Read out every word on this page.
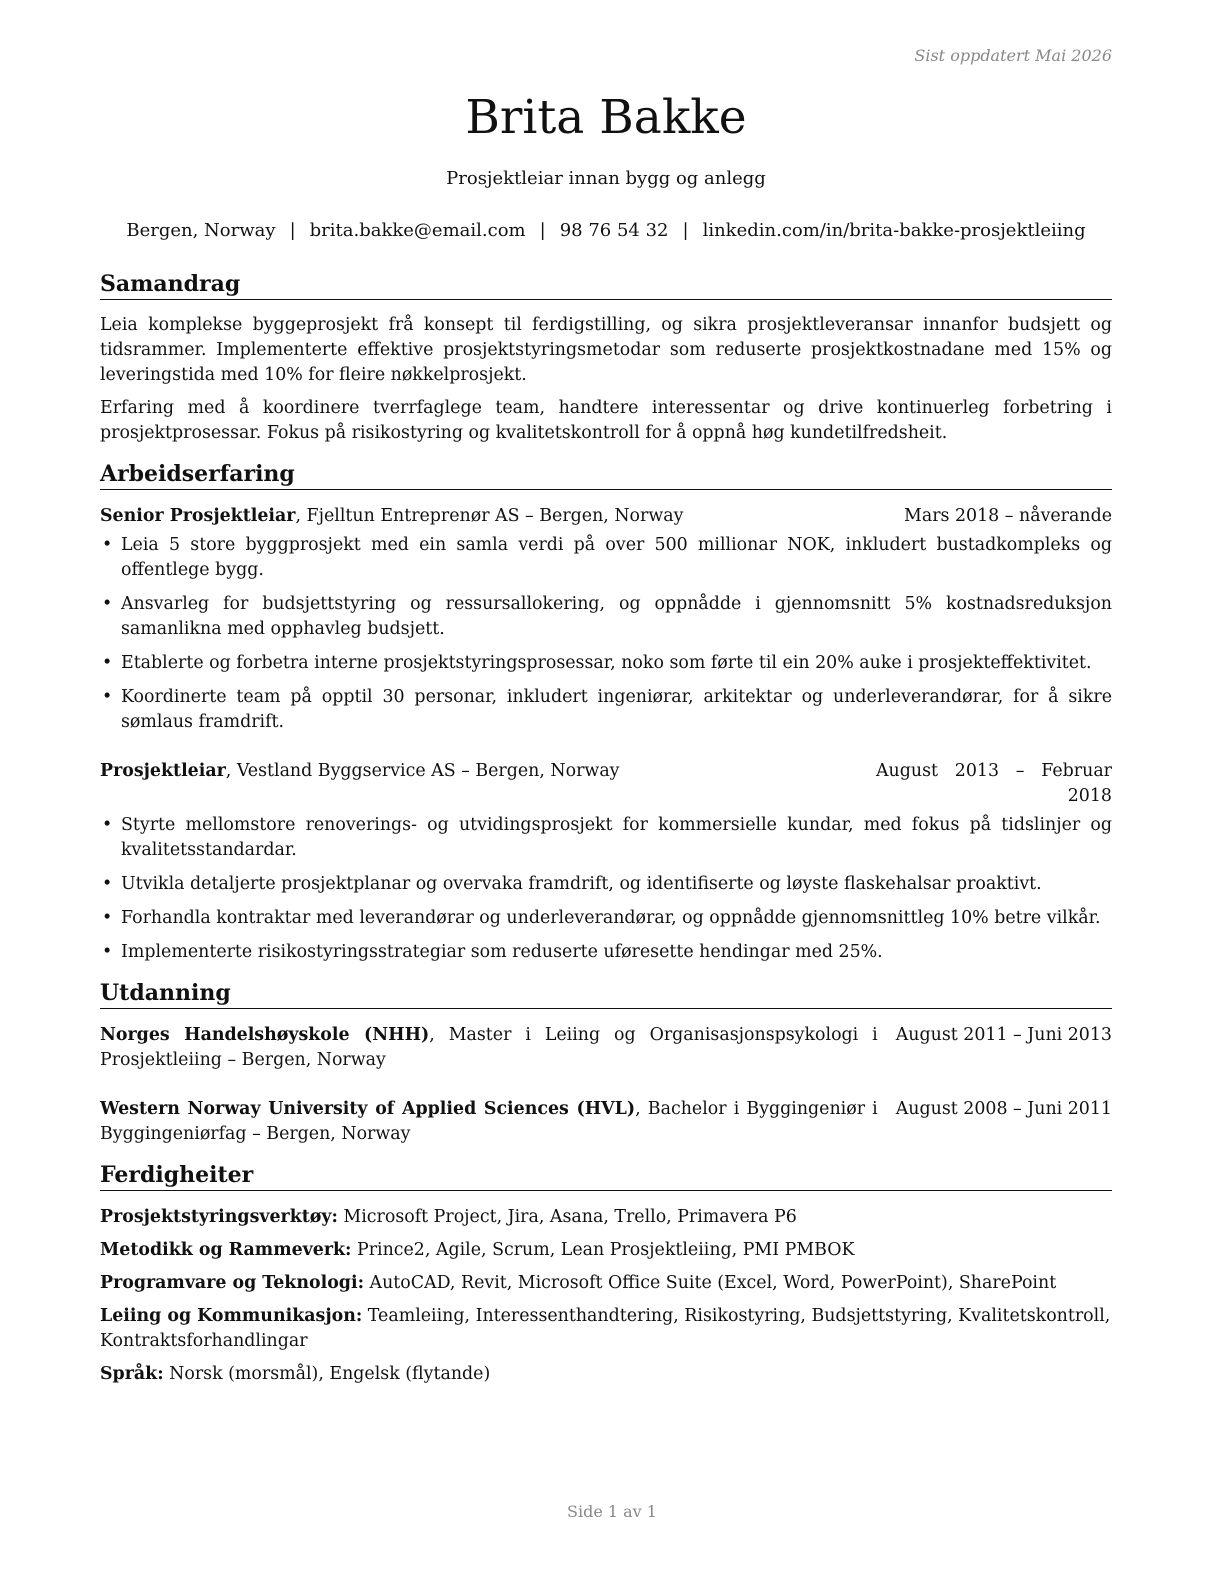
Sist oppdatert Mai 2026
Brita Bakke
Prosjektleiar innan bygg og anlegg
Bergen, Norway | brita.bakke@email.com | 98 76 54 32 | linkedin.com/in/brita-bakke-prosjektleiing
Samandrag

Leia komplekse byggeprosjekt frå konsept til ferdigstilling, og sikra prosjektleveransar innanfor budsjett og tidsrammer. Implementerte effektive prosjektstyringsmetodar som reduserte prosjektkostnadane med 15% og leveringstida med 10% for fleire nøkkelprosjekt.

Erfaring med å koordinere tverrfaglege team, handtere interessentar og drive kontinuerleg forbetring i prosjektprosessar. Fokus på risikostyring og kvalitetskontroll for å oppnå høg kundetilfredsheit.

Arbeidserfaring
Senior Prosjektleiar, Fjelltun Entreprenør AS – Bergen, Norway	Mars 2018 – nåverande
• Leia 5 store byggprosjekt med ein samla verdi på over 500 millionar NOK, inkludert bustadkompleks og offentlege bygg.
• Ansvarleg for budsjettstyring og ressursallokering, og oppnådde i gjennomsnitt 5% kostnadsreduksjon samanlikna med opphavleg budsjett.
• Etablerte og forbetra interne prosjektstyringsprosessar, noko som førte til ein 20% auke i prosjekteffektivitet.
• Koordinerte team på opptil 30 personar, inkludert ingeniørar, arkitektar og underleverandørar, for å sikre sømlaus framdrift.
Prosjektleiar, Vestland Byggservice AS – Bergen, Norway	August 2013 – Februar 2018
• Styrte mellomstore renoverings- og utvidingsprosjekt for kommersielle kundar, med fokus på tidslinjer og kvalitetsstandardar.
• Utvikla detaljerte prosjektplanar og overvaka framdrift, og identifiserte og løyste flaskehalsar proaktivt.
• Forhandla kontraktar med leverandørar og underleverandørar, og oppnådde gjennomsnittleg 10% betre vilkår.
• Implementerte risikostyringsstrategiar som reduserte uføresette hendingar med 25%.
Utdanning
Norges Handelshøyskole (NHH), Master i Leiing og Organisasjonspsykologi i Prosjektleiing – Bergen, Norway
August 2011 – Juni 2013
Western Norway University of Applied Sciences (HVL), Bachelor i Byggingeniør i Byggingeniørfag – Bergen, Norway
August 2008 – Juni 2011
Ferdigheiter
Prosjektstyringsverktøy: Microsoft Project, Jira, Asana, Trello, Primavera P6
Metodikk og Rammeverk: Prince2, Agile, Scrum, Lean Prosjektleiing, PMI PMBOK
Programvare og Teknologi: AutoCAD, Revit, Microsoft Office Suite (Excel, Word, PowerPoint), SharePoint
Leiing og Kommunikasjon: Teamleiing, Interessenthandtering, Risikostyring, Budsjettstyring, Kvalitetskontroll, Kontraktsforhandlingar
Språk: Norsk (morsmål), Engelsk (flytande)
Side 1 av 1
